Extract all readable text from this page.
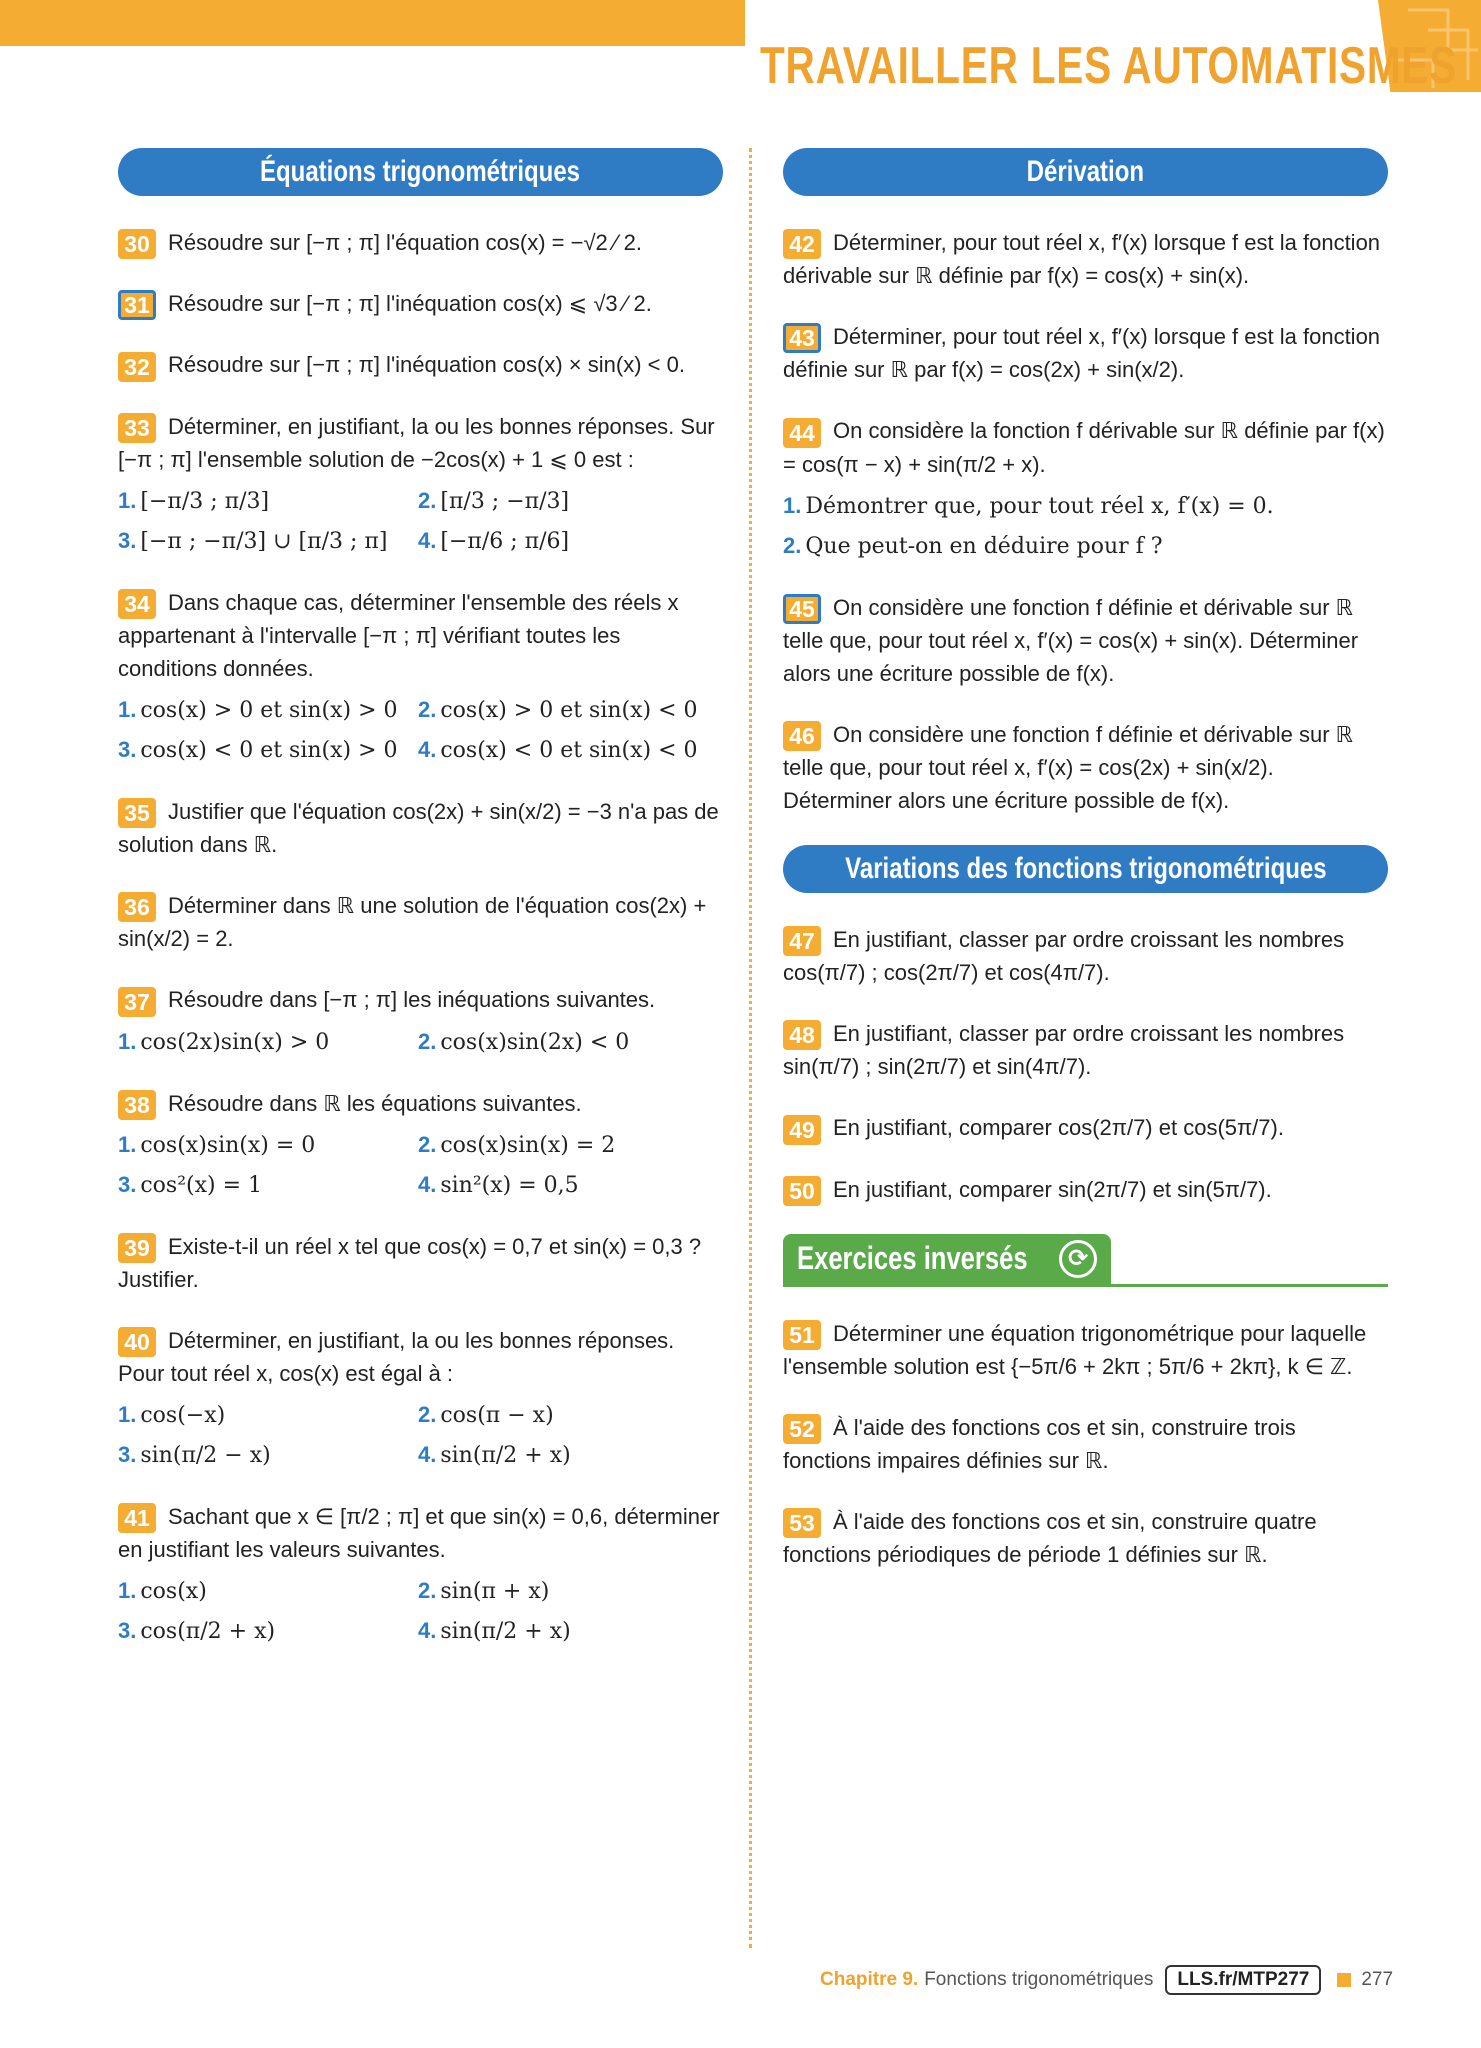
TRAVAILLER LES AUTOMATISMES
Équations trigonométriques

30 Résoudre sur [−π ; π] l'équation cos(x) = −√2 ⁄ 2.

31 Résoudre sur [−π ; π] l'inéquation cos(x) ⩽ √3 ⁄ 2.

32 Résoudre sur [−π ; π] l'inéquation cos(x) × sin(x) < 0.

33 Déterminer, en justifiant, la ou les bonnes réponses. Sur [−π ; π] l'ensemble solution de −2cos(x) + 1 ⩽ 0 est :

1. [−π/3 ; π/3]	2. [π/3 ; −π/3]
3. [−π ; −π/3] ∪ [π/3 ; π]	4. [−π/6 ; π/6]

34 Dans chaque cas, déterminer l'ensemble des réels x appartenant à l'intervalle [−π ; π] vérifiant toutes les conditions données.

1. cos(x) > 0 et sin(x) > 0 2. cos(x) > 0 et sin(x) < 0
3. cos(x) < 0 et sin(x) > 0 4. cos(x) < 0 et sin(x) < 0

35 Justifier que l'équation cos(2x) + sin(x/2) = −3 n'a pas de solution dans ℝ.

36 Déterminer dans ℝ une solution de l'équation cos(2x) + sin(x/2) = 2.

37 Résoudre dans [−π ; π] les inéquations suivantes.

1. cos(2x)sin(x) > 0	2. cos(x)sin(2x) < 0

38 Résoudre dans ℝ les équations suivantes.

1. cos(x)sin(x) = 0	2. cos(x)sin(x) = 2
3. cos²(x) = 1	4. sin²(x) = 0,5

39 Existe-t-il un réel x tel que cos(x) = 0,7 et sin(x) = 0,3 ? Justifier.

40 Déterminer, en justifiant, la ou les bonnes réponses. Pour tout réel x, cos(x) est égal à :

1. cos(−x)	2. cos(π − x)
3. sin(π/2 − x)	4. sin(π/2 + x)

41 Sachant que x ∈ [π/2 ; π] et que sin(x) = 0,6, déterminer en justifiant les valeurs suivantes.

1. cos(x)	2. sin(π + x)
3. cos(π/2 + x)	4. sin(π/2 + x)
Dérivation

42 Déterminer, pour tout réel x, f′(x) lorsque f est la fonction dérivable sur ℝ définie par f(x) = cos(x) + sin(x).

43 Déterminer, pour tout réel x, f′(x) lorsque f est la fonction définie sur ℝ par f(x) = cos(2x) + sin(x/2).

44 On considère la fonction f dérivable sur ℝ définie par f(x) = cos(π − x) + sin(π/2 + x).

1. Démontrer que, pour tout réel x, f′(x) = 0.
2. Que peut-on en déduire pour f ?

45 On considère une fonction f définie et dérivable sur ℝ telle que, pour tout réel x, f′(x) = cos(x) + sin(x). Déterminer alors une écriture possible de f(x).

46 On considère une fonction f définie et dérivable sur ℝ telle que, pour tout réel x, f′(x) = cos(2x) + sin(x/2). Déterminer alors une écriture possible de f(x).

Variations des fonctions trigonométriques

47 En justifiant, classer par ordre croissant les nombres cos(π/7) ; cos(2π/7) et cos(4π/7).

48 En justifiant, classer par ordre croissant les nombres sin(π/7) ; sin(2π/7) et sin(4π/7).

49 En justifiant, comparer cos(2π/7) et cos(5π/7).

50 En justifiant, comparer sin(2π/7) et sin(5π/7).

Exercices inversés	⟳

51 Déterminer une équation trigonométrique pour laquelle l'ensemble solution est {−5π/6 + 2kπ ; 5π/6 + 2kπ}, k ∈ ℤ.

52 À l'aide des fonctions cos et sin, construire trois fonctions impaires définies sur ℝ.

53 À l'aide des fonctions cos et sin, construire quatre fonctions périodiques de période 1 définies sur ℝ.

Chapitre 9. Fonctions trigonométriques	LLS.fr/MTP277	277
